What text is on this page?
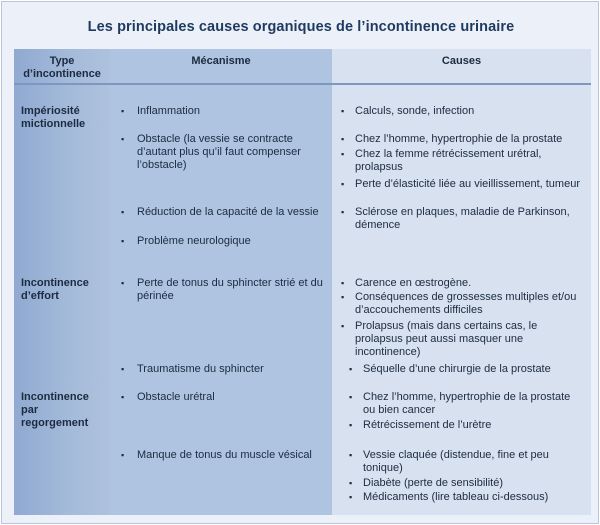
Les principales causes organiques de l’incontinence urinaire
Type d’incontinence
Mécanisme	Causes
Impériosité mictionnelle
Incontinence d’effort
Incontinence par regorgement
▪ Inflammation
▪ Obstacle (la vessie se contracte d’autant plus qu’il faut compenser l’obstacle)
▪ Réduction de la capacité de la vessie
▪ Problème neurologique
▪ Perte de tonus du sphincter strié et du périnée
▪ Traumatisme du sphincter
▪ Obstacle urétral
▪ Manque de tonus du muscle vésical
▪ Calculs, sonde, infection
▪ Chez l’homme, hypertrophie de la prostate
▪ Chez la femme rétrécissement urétral, prolapsus
▪ Perte d’élasticité liée au vieillissement, tumeur
▪ Sclérose en plaques, maladie de Parkinson, démence
▪ Carence en œstrogène.
▪ Conséquences de grossesses multiples et/ou d’accouchements difficiles
▪ Prolapsus (mais dans certains cas, le prolapsus peut aussi masquer une incontinence)
▪ Séquelle d’une chirurgie de la prostate
▪ Chez l’homme, hypertrophie de la prostate ou bien cancer
▪ Rétrécissement de l’urètre
▪ Vessie claquée (distendue, fine et peu tonique)
▪ Diabète (perte de sensibilité)
▪ Médicaments (lire tableau ci-dessous)
